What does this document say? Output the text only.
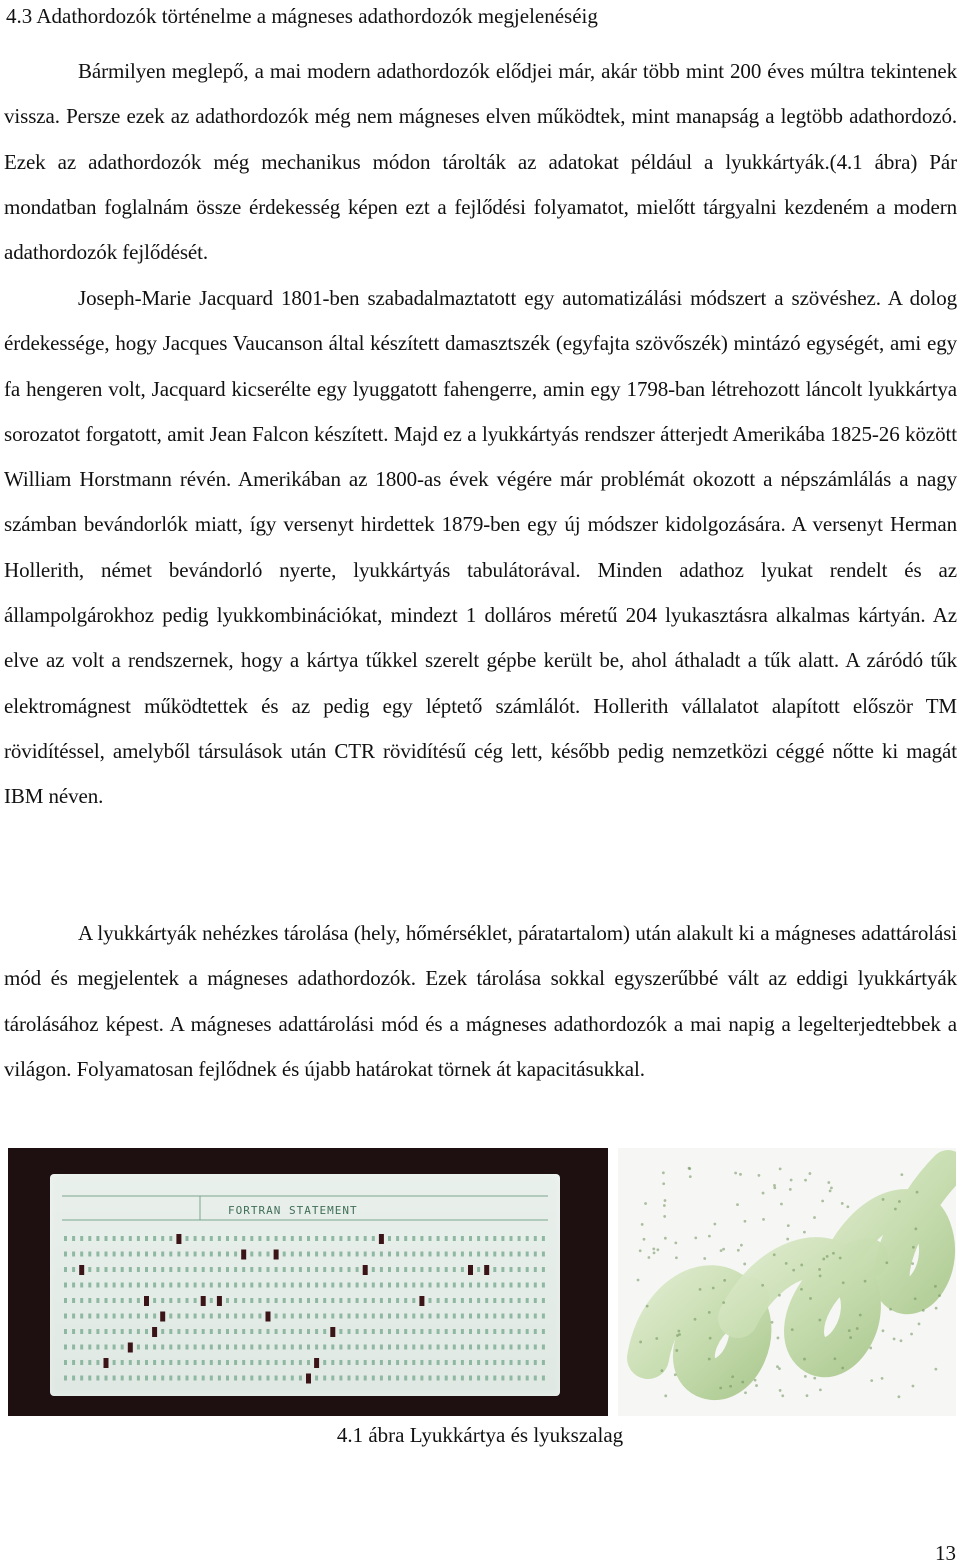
4.3 Adathordozók történelme a mágneses adathordozók megjelenéséig

Bármilyen meglepő, a mai modern adathordozók elődjei már, akár több mint 200 éves múltra tekintenek vissza. Persze ezek az adathordozók még nem mágneses elven működtek, mint manapság a legtöbb adathordozó. Ezek az adathordozók még mechanikus módon tárolták az adatokat például a lyukkártyák.(4.1 ábra) Pár mondatban foglalnám össze érdekesség képen ezt a fejlődési folyamatot, mielőtt tárgyalni kezdeném a modern adathordozók fejlődését.

Joseph-Marie Jacquard 1801-ben szabadalmaztatott egy automatizálási módszert a szövéshez. A dolog érdekessége, hogy Jacques Vaucanson által készített damasztszék (egyfajta szövőszék) mintázó egységét, ami egy fa hengeren volt, Jacquard kicserélte egy lyuggatott fahengerre, amin egy 1798-ban létrehozott láncolt lyukkártya sorozatot forgatott, amit Jean Falcon készített. Majd ez a lyukkártyás rendszer átterjedt Amerikába 1825-26 között William Horstmann révén. Amerikában az 1800-as évek végére már problémát okozott a népszámlálás a nagy számban bevándorlók miatt, így versenyt hirdettek 1879-ben egy új módszer kidolgozására. A versenyt Herman Hollerith, német bevándorló nyerte, lyukkártyás tabulátorával. Minden adathoz lyukat rendelt és az állampolgárokhoz pedig lyukkombinációkat, mindezt 1 dolláros méretű 204 lyukasztásra alkalmas kártyán. Az elve az volt a rendszernek, hogy a kártya tűkkel szerelt gépbe került be, ahol áthaladt a tűk alatt. A záródó tűk elektromágnest működtettek és az pedig egy léptető számlálót. Hollerith vállalatot alapított először TM rövidítéssel, amelyből társulások után CTR rövidítésű cég lett, később pedig nemzetközi céggé nőtte ki magát IBM néven.

A lyukkártyák nehézkes tárolása (hely, hőmérséklet, páratartalom) után alakult ki a mágneses adattárolási mód és megjelentek a mágneses adathordozók. Ezek tárolása sokkal egyszerűbbé vált az eddigi lyukkártyák tárolásához képest. A mágneses adattárolási mód és a mágneses adathordozók a mai napig a legelterjedtebbek a világon. Folyamatosan fejlődnek és újabb határokat törnek át kapacitásukkal.

FORTRAN STATEMENT

4.1 ábra Lyukkártya és lyukszalag

13
